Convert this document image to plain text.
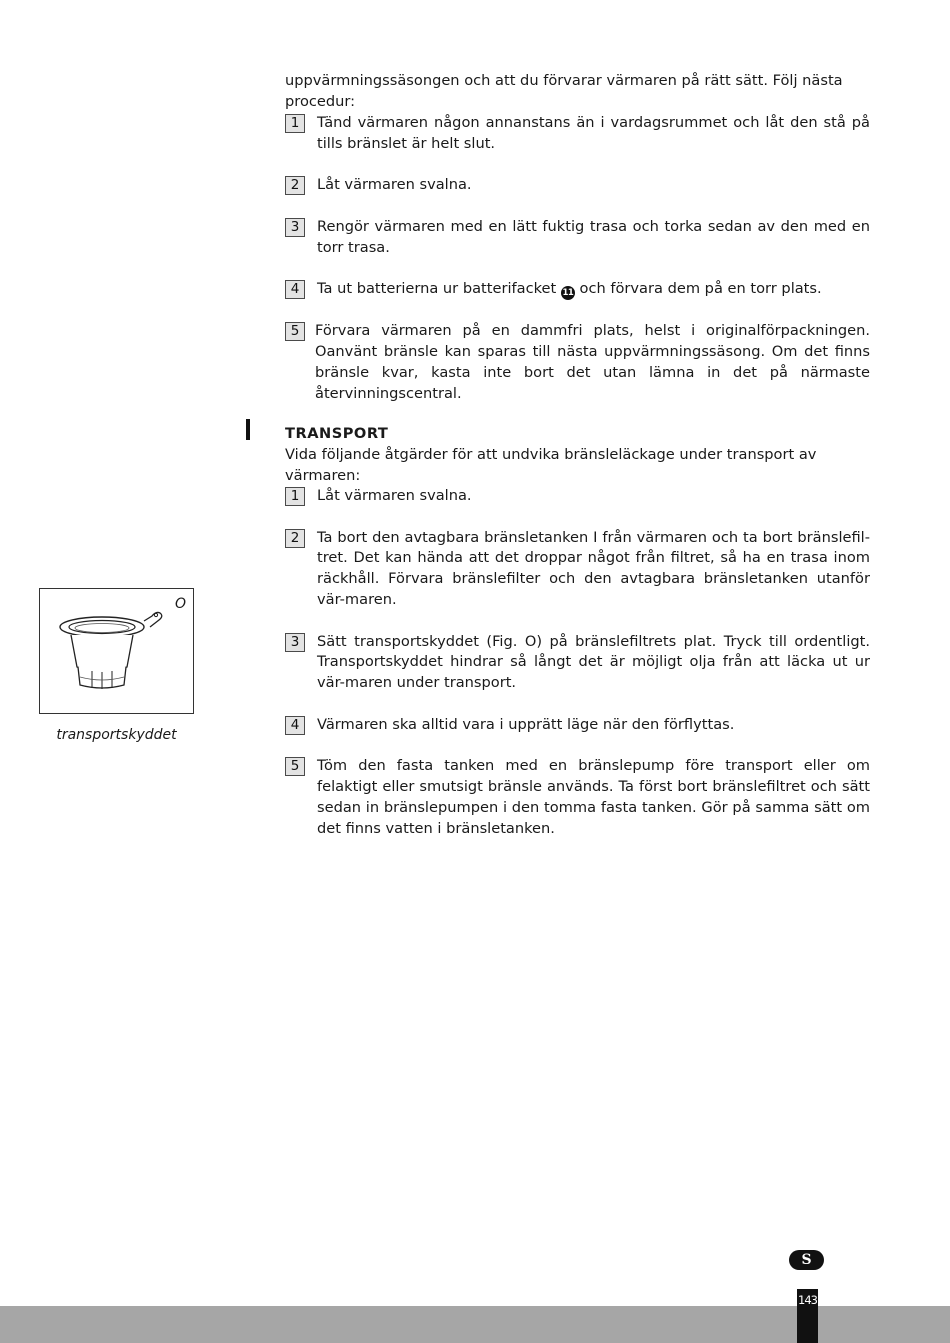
uppvärmningssäsongen och att du förvarar värmaren på rätt sätt. Följ nästa procedur:

1	Tänd värmaren någon annanstans än i vardagsrummet och låt den stå på tills bränslet är helt slut.
2	Låt värmaren svalna.
3	Rengör värmaren med en lätt fuktig trasa och torka sedan av den med en torr trasa.
4	Ta ut batterierna ur batterifacket 11 och förvara dem på en torr plats.
5	Förvara värmaren på en dammfri plats, helst i originalförpackningen. Oanvänt bränsle kan sparas till nästa uppvärmningssäsong. Om det finns bränsle kvar, kasta inte bort det utan lämna in det på närmaste återvinningscentral.
TRANSPORT

Vida följande åtgärder för att undvika bränsleläckage under transport av värmaren:

1	Låt värmaren svalna.
2	Ta bort den avtagbara bränsletanken I från värmaren och ta bort bränslefil-tret. Det kan hända att det droppar något från filtret, så ha en trasa inom räckhåll. Förvara bränslefilter och den avtagbara bränsletanken utanför vär-maren.
3	Sätt transportskyddet (Fig. O) på bränslefiltrets plat. Tryck till ordentligt. Transportskyddet hindrar så långt det är möjligt olja från att läcka ut ur vär-maren under transport.
4	Värmaren ska alltid vara i upprätt läge när den förflyttas.
5	Töm den fasta tanken med en bränslepump före transport eller om felaktigt eller smutsigt bränsle används. Ta först bort bränslefiltret och sätt sedan in bränslepumpen i den tomma fasta tanken. Gör på samma sätt om det finns vatten i bränsletanken.
O
transportskyddet
S
143
